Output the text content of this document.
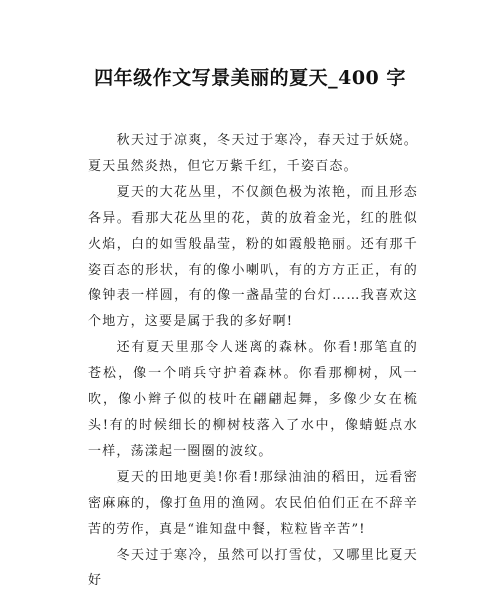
四年级作文写景美丽的夏天_400 字

秋天过于凉爽，冬天过于寒冷，春天过于妖娆。夏天虽然炎热，但它万紫千红，千姿百态。

夏天的大花丛里，不仅颜色极为浓艳，而且形态各异。看那大花丛里的花，黄的放着金光，红的胜似火焰，白的如雪般晶莹，粉的如霞般艳丽。还有那千姿百态的形状，有的像小喇叭，有的方方正正，有的像钟表一样圆，有的像一盏晶莹的台灯……我喜欢这个地方，这要是属于我的多好啊!

还有夏天里那令人迷离的森林。你看!那笔直的苍松，像一个哨兵守护着森林。你看那柳树，风一吹，像小辫子似的枝叶在翩翩起舞，多像少女在梳头!有的时候细长的柳树枝落入了水中，像蜻蜓点水一样，荡漾起一圈圈的波纹。

夏天的田地更美!你看!那绿油油的稻田，远看密密麻麻的，像打鱼用的渔网。农民伯伯们正在不辞辛苦的劳作，真是“谁知盘中餐，粒粒皆辛苦”!

冬天过于寒冷，虽然可以打雪仗，又哪里比夏天好
